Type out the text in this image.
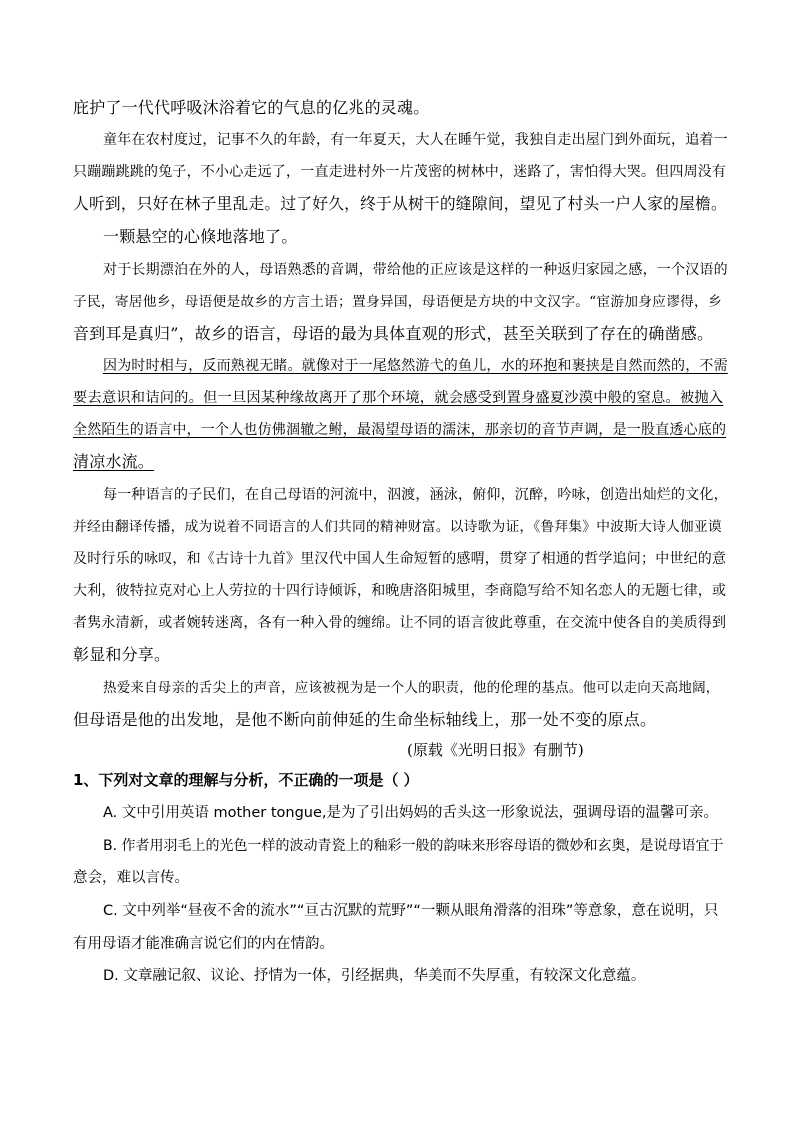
庇护了一代代呼吸沐浴着它的气息的亿兆的灵魂。
童年在农村度过，记事不久的年龄，有一年夏天，大人在睡午觉，我独自走出屋门到外面玩，追着一
只蹦蹦跳跳的兔子，不小心走远了，一直走进村外一片茂密的树林中，迷路了，害怕得大哭。但四周没有
人听到，只好在林子里乱走。过了好久，终于从树干的缝隙间，望见了村头一户人家的屋檐。
一颗悬空的心倏地落地了。
对于长期漂泊在外的人，母语熟悉的音调，带给他的正应该是这样的一种返归家园之感，一个汉语的
子民，寄居他乡，母语便是故乡的方言土语；置身异国，母语便是方块的中文汉字。“宦游加身应谬得，乡
音到耳是真归”，故乡的语言，母语的最为具体直观的形式，甚至关联到了存在的确凿感。
因为时时相与，反而熟视无睹。就像对于一尾悠然游弋的鱼儿，水的环抱和裹挟是自然而然的，不需
要去意识和诘问的。但一旦因某种缘故离开了那个环境，就会感受到置身盛夏沙漠中般的窒息。被抛入
全然陌生的语言中，一个人也仿佛涸辙之鲋，最渴望母语的濡沫，那亲切的音节声调，是一股直透心底的
清凉水流。
每一种语言的子民们，在自己母语的河流中，泅渡，涵泳，俯仰，沉醉，吟咏，创造出灿烂的文化，
并经由翻译传播，成为说着不同语言的人们共同的精神财富。以诗歌为证，《鲁拜集》中波斯大诗人伽亚谟
及时行乐的咏叹，和《古诗十九首》里汉代中国人生命短暂的感喟，贯穿了相通的哲学追问；中世纪的意
大利，彼特拉克对心上人劳拉的十四行诗倾诉，和晚唐洛阳城里，李商隐写给不知名恋人的无题七律，或
者隽永清新，或者婉转迷离，各有一种入骨的缠绵。让不同的语言彼此尊重，在交流中使各自的美质得到
彰显和分享。
热爱来自母亲的舌尖上的声音，应该被视为是一个人的职责，他的伦理的基点。他可以走向天高地阔，
但母语是他的出发地，是他不断向前伸延的生命坐标轴线上，那一处不变的原点。
(原载《光明日报》有删节)
1、下列对文章的理解与分析，不正确的一项是（ ）
A. 文中引用英语 mother tongue,是为了引出妈妈的舌头这一形象说法，强调母语的温馨可亲。
B. 作者用羽毛上的光色一样的波动青瓷上的釉彩一般的韵味来形容母语的微妙和玄奥，是说母语宜于
意会，难以言传。
C. 文中列举“昼夜不舍的流水”“亘古沉默的荒野”“一颗从眼角滑落的泪珠”等意象，意在说明，只
有用母语才能准确言说它们的内在情韵。
D. 文章融记叙、议论、抒情为一体，引经据典，华美而不失厚重，有较深文化意蕴。
